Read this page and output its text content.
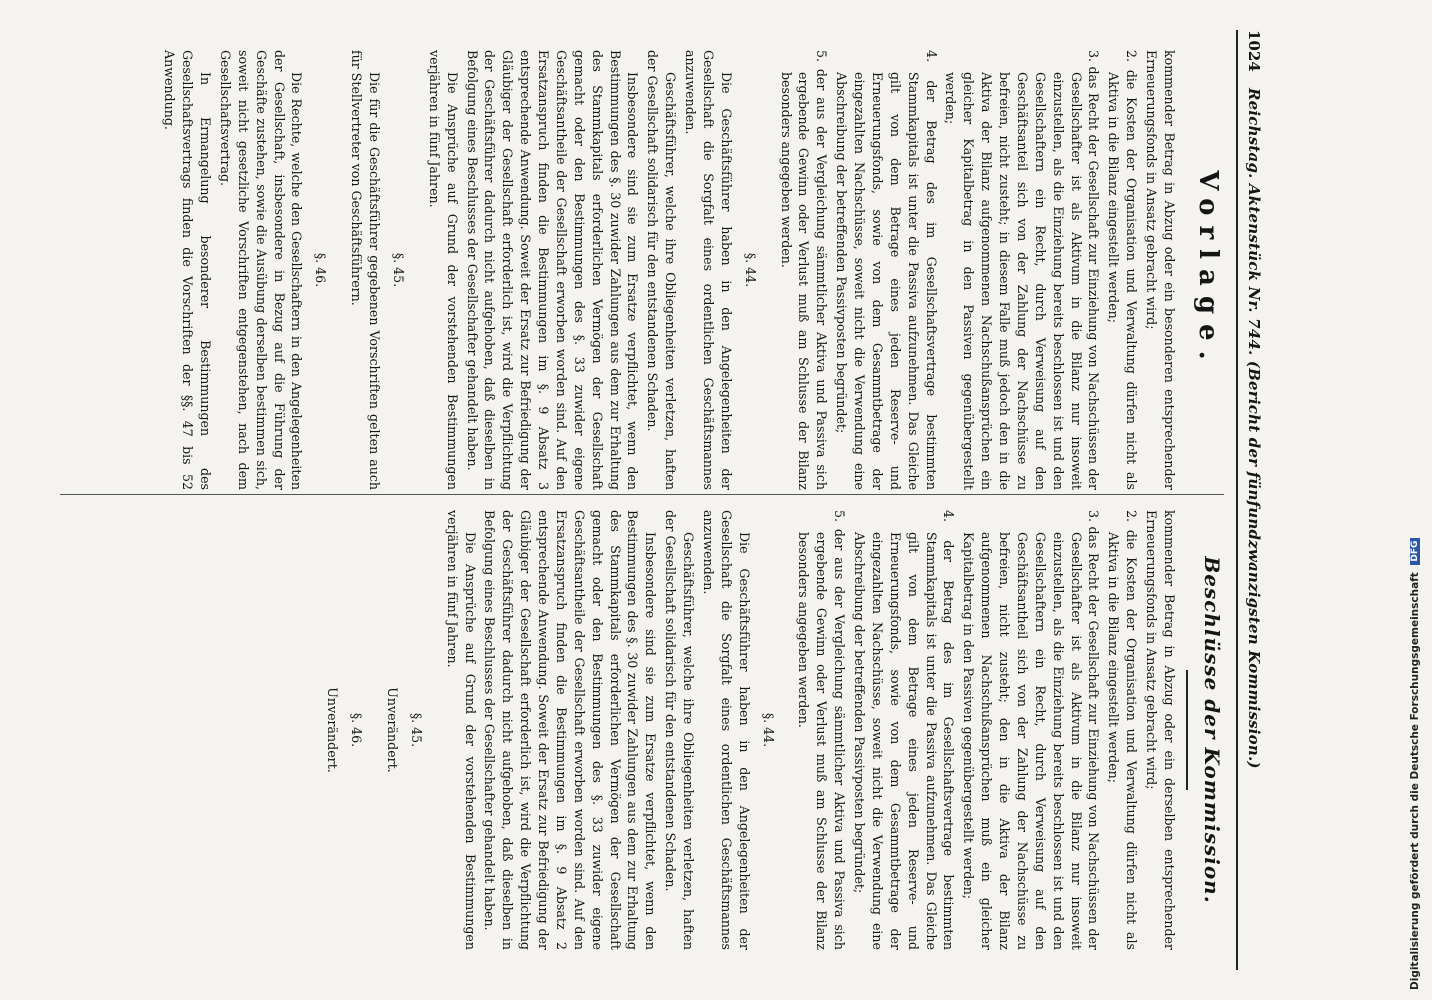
1024
Reichstag. Aktenstück Nr. 744. (Bericht der fünfundzwanzigsten Kommission.)
Vorlage.
Beschlüsse der Kommission.

kommender Betrag in Abzug oder ein besonderen entsprechender Erneuerungsfonds in Ansatz gebracht wird;

2. die Kosten der Organisation und Verwaltung dürfen nicht als Aktiva in die Bilanz eingestellt werden;

3. das Recht der Gesellschaft zur Einziehung von Nachschüssen der Gesellschafter ist als Aktivum in die Bilanz nur insoweit einzustellen, als die Einziehung bereits beschlossen ist und den Gesellschaftern ein Recht, durch Verweisung auf den Geschäftsanteil sich von der Zahlung der Nachschüsse zu befreien, nicht zusteht; in diesem Falle muß jedoch den in die Aktiva der Bilanz aufgenommenen Nachschußansprüchen ein gleicher Kapitalbetrag in den Passiven gegenübergestellt werden;

4. der Betrag des im Gesellschaftsvertrage bestimmten Stammkapitals ist unter die Passiva aufzunehmen. Das Gleiche gilt von dem Betrage eines jeden Reserve- und Erneuerungsfonds, sowie von dem Gesammtbetrage der eingezahlten Nachschüsse, soweit nicht die Verwendung eine Abschreibung der betreffenden Passivposten begründet;

5. der aus der Vergleichung sämmtlicher Aktiva und Passiva sich ergebende Gewinn oder Verlust muß am Schlusse der Bilanz besonders angegeben werden.

§. 44.

Die Geschäftsführer haben in den Angelegenheiten der Gesellschaft die Sorgfalt eines ordentlichen Geschäftsmannes anzuwenden.

Geschäftsführer, welche ihre Obliegenheiten verletzen, haften der Gesellschaft solidarisch für den entstandenen Schaden.

Insbesondere sind sie zum Ersatze verpflichtet, wenn den Bestimmungen des §. 30 zuwider Zahlungen aus dem zur Erhaltung des Stammkapitals erforderlichen Vermögen der Gesellschaft gemacht oder den Bestimmungen des §. 33 zuwider eigene Geschäftsantheile der Gesellschaft erworben worden sind. Auf den Ersatzanspruch finden die Bestimmungen im §. 9 Absatz 3 entsprechende Anwendung. Soweit der Ersatz zur Befriedigung der Gläubiger der Gesellschaft erforderlich ist, wird die Verpflichtung der Geschäftsführer dadurch nicht aufgehoben, daß dieselben in Befolgung eines Beschlusses der Gesellschafter gehandelt haben.

Die Ansprüche auf Grund der vorstehenden Bestimmungen verjähren in fünf Jahren.

§. 45.

Die für die Geschäftsführer gegebenen Vorschriften gelten auch für Stellvertreter von Geschäftsführern.

§. 46.

Die Rechte, welche den Gesellschaftern in den Angelegenheiten der Gesellschaft, insbesondere in Bezug auf die Führung der Geschäfte zustehen, sowie die Ausübung derselben bestimmen sich, soweit nicht gesetzliche Vorschriften entgegenstehen, nach dem Gesellschaftsvertrag.

In Ermangelung besonderer Bestimmungen des Gesellschaftsvertrags finden die Vorschriften der §§. 47 bis 52 Anwendung.

kommender Betrag in Abzug oder ein derselben entsprechender Erneuerungsfonds in Ansatz gebracht wird;

2. die Kosten der Organisation und Verwaltung dürfen nicht als Aktiva in die Bilanz eingestellt werden;

3. das Recht der Gesellschaft zur Einziehung von Nachschüssen der Gesellschafter ist als Aktivum in die Bilanz nur insoweit einzustellen, als die Einziehung bereits beschlossen ist und den Gesellschaftern ein Recht, durch Verweisung auf den Geschäftsantheil sich von der Zahlung der Nachschüsse zu befreien, nicht zusteht; den in die Aktiva der Bilanz aufgenommenen Nachschußansprüchen muß ein gleicher Kapitalbetrag in den Passiven gegenübergestellt werden;

4. der Betrag des im Gesellschaftsvertrage bestimmten Stammkapitals ist unter die Passiva aufzunehmen. Das Gleiche gilt von dem Betrage eines jeden Reserve- und Erneuerungsfonds, sowie von dem Gesammtbetrage der eingezahlten Nachschüsse, soweit nicht die Verwendung eine Abschreibung der betreffenden Passivposten begründet;

5. der aus der Vergleichung sämmtlicher Aktiva und Passiva sich ergebende Gewinn oder Verlust muß am Schlusse der Bilanz besonders angegeben werden.

§. 44.

Die Geschäftsführer haben in den Angelegenheiten der Gesellschaft die Sorgfalt eines ordentlichen Geschäftsmannes anzuwenden.

Geschäftsführer, welche ihre Obliegenheiten verletzen, haften der Gesellschaft solidarisch für den entstandenen Schaden.

Insbesondere sind sie zum Ersatze verpflichtet, wenn den Bestimmungen des §. 30 zuwider Zahlungen aus dem zur Erhaltung des Stammkapitals erforderlichen Vermögen der Gesellschaft gemacht oder den Bestimmungen des §. 33 zuwider eigene Geschäftsantheile der Gesellschaft erworben worden sind. Auf den Ersatzanspruch finden die Bestimmungen im §. 9 Absatz 2 entsprechende Anwendung. Soweit der Ersatz zur Befriedigung der Gläubiger der Gesellschaft erforderlich ist, wird die Verpflichtung der Geschäftsführer dadurch nicht aufgehoben, daß dieselben in Befolgung eines Beschlusses der Gesellschafter gehandelt haben.

Die Ansprüche auf Grund der vorstehenden Bestimmungen verjähren in fünf Jahren.

§. 45.
Unverändert.
§. 46.
Unverändert.	Digitalisierung gefördert durch die Deutsche Forschungsgemeinschaft DFG
